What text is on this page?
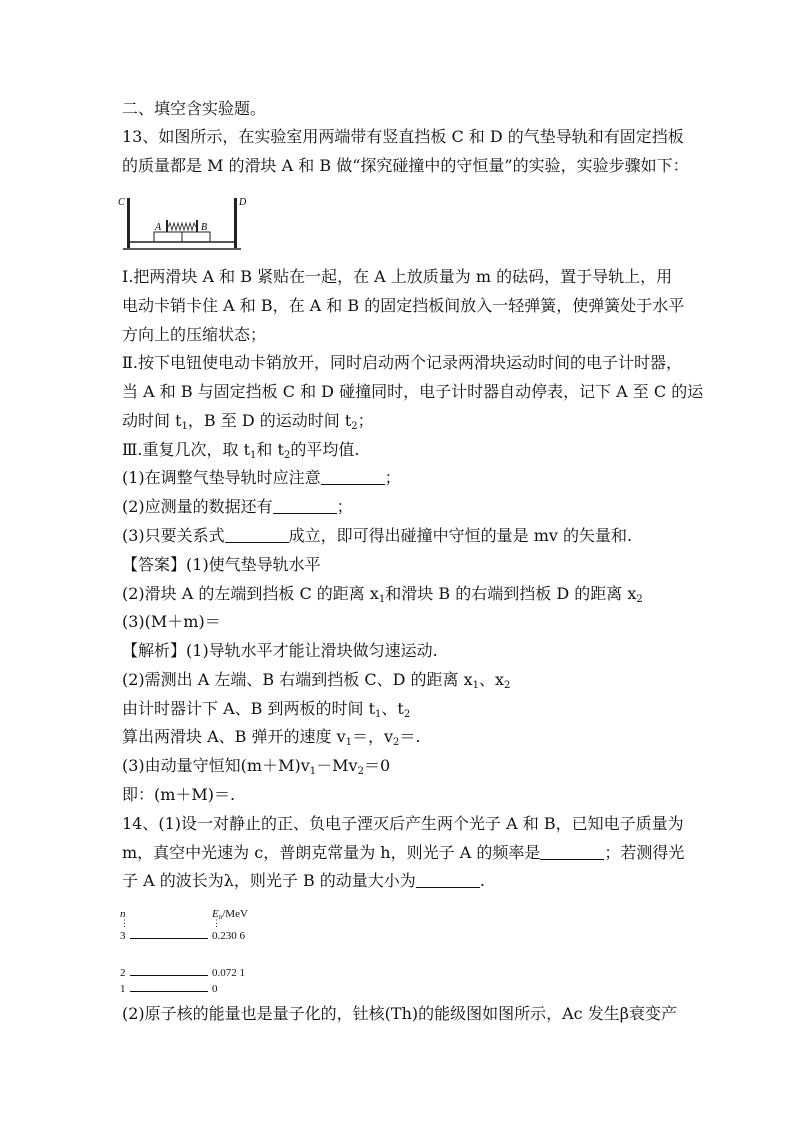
二、填空含实验题。
13、如图所示，在实验室用两端带有竖直挡板 C 和 D 的气垫导轨和有固定挡板
的质量都是 M 的滑块 A 和 B 做“探究碰撞中的守恒量”的实验，实验步骤如下：
C	D
A	B
Ⅰ.把两滑块 A 和 B 紧贴在一起，在 A 上放质量为 m 的砝码，置于导轨上，用
电动卡销卡住 A 和 B，在 A 和 B 的固定挡板间放入一轻弹簧，使弹簧处于水平
方向上的压缩状态；
Ⅱ.按下电钮使电动卡销放开，同时启动两个记录两滑块运动时间的电子计时器，
当 A 和 B 与固定挡板 C 和 D 碰撞同时，电子计时器自动停表，记下 A 至 C 的运
动时间 $t_1$，B 至 D 的运动时间 $t_2$；
Ⅲ.重复几次，取 $t_1$和 $t_2$的平均值.
(1)在调整气垫导轨时应注意	；
(2)应测量的数据还有	；
(3)只要关系式	成立，即可得出碰撞中守恒的量是 mv 的矢量和.
【答案】(1)使气垫导轨水平
(2)滑块 A 的左端到挡板 C 的距离 $x_1$和滑块 B 的右端到挡板 D 的距离 $x_2$
(3)(M＋m)＝
【解析】(1)导轨水平才能让滑块做匀速运动.
(2)需测出 A 左端、B 右端到挡板 C、D 的距离 $x_1$、$x_2$
由计时器计下 A、B 到两板的时间 $t_1$、$t_2$
算出两滑块 A、B 弹开的速度 $v_1=$，$v_2=$.
(3)由动量守恒知$(m+M)v_1-Mv_2=0$
即：(m＋M)＝.
14、(1)设一对静止的正、负电子湮灭后产生两个光子 A 和 B，已知电子质量为
m，真空中光速为 c，普朗克常量为 h，则光子 A 的频率是	；若测得光
子 A 的波长为λ，则光子 B 的动量大小为	.
n	$E_n$/MeV
⋮	⋮
3	0.230 6
2	0.072 1
1	0
(2)原子核的能量也是量子化的，钍核(Th)的能级图如图所示，Ac 发生β衰变产
